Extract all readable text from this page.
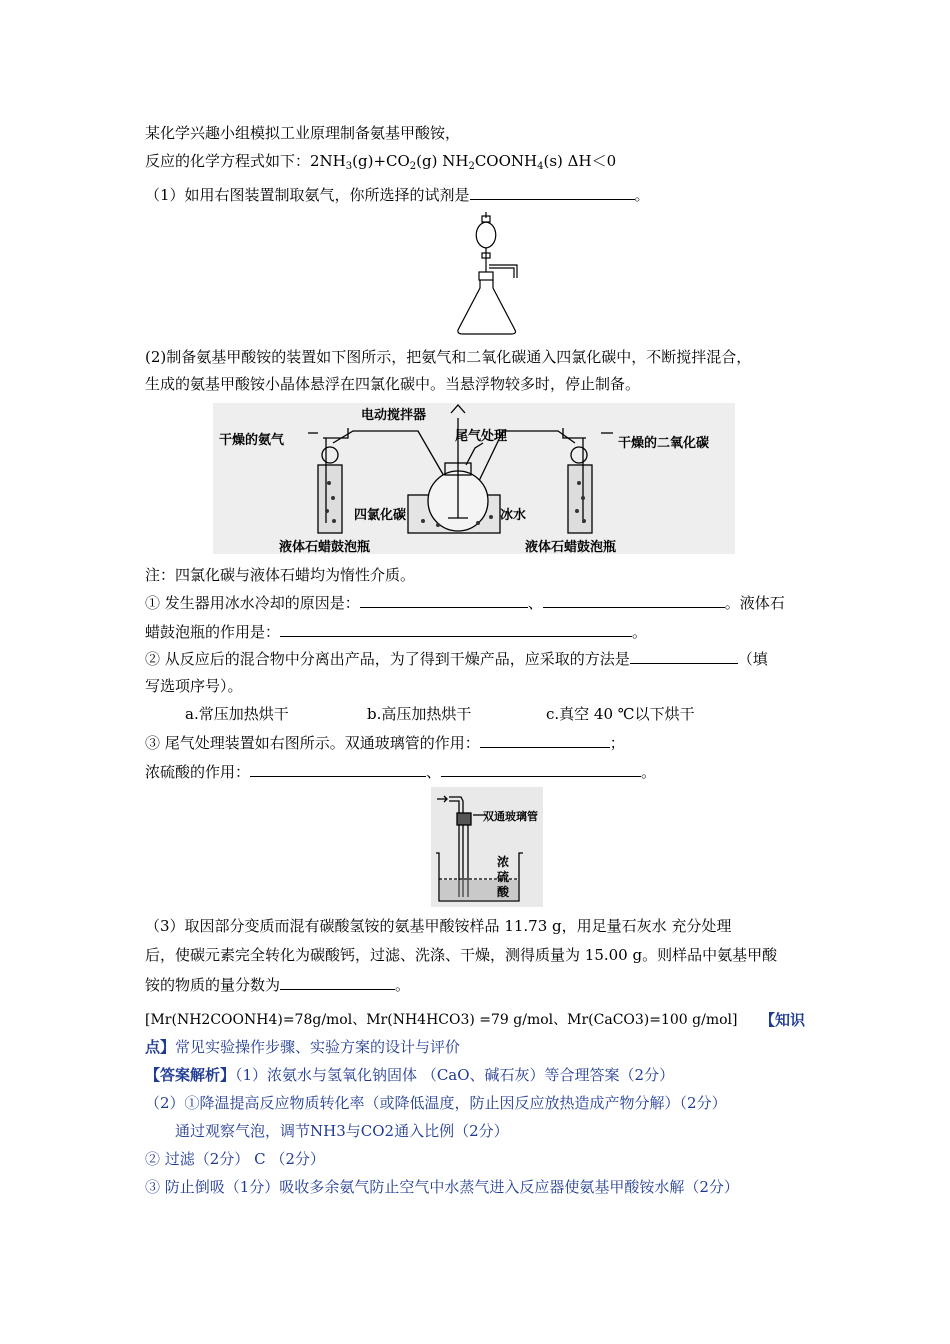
某化学兴趣小组模拟工业原理制备氨基甲酸铵，
反应的化学方程式如下：$2NH_3(g)+CO_2(g)$ $NH_2COONH_4(s)$ ΔH＜0
（1）如用右图装置制取氨气，你所选择的试剂是	。
(2)制备氨基甲酸铵的装置如下图所示，把氨气和二氧化碳通入四氯化碳中，不断搅拌混合，
生成的氨基甲酸铵小晶体悬浮在四氯化碳中。当悬浮物较多时，停止制备。
电动搅拌器
尾气处理
干燥的氨气	干燥的二氧化碳
四氯化碳	冰水
液体石蜡鼓泡瓶	液体石蜡鼓泡瓶
注：四氯化碳与液体石蜡均为惰性介质。
① 发生器用冰水冷却的原因是：	、	。液体石
蜡鼓泡瓶的作用是：	。
② 从反应后的混合物中分离出产品，为了得到干燥产品，应采取的方法是	（填
写选项序号）。
a.常压加热烘干	b.高压加热烘干	c.真空 40 ℃以下烘干
③ 尾气处理装置如右图所示。双通玻璃管的作用：	；
浓硫酸的作用：	、	。
双通玻璃管
浓
硫
酸
（3）取因部分变质而混有碳酸氢铵的氨基甲酸铵样品 11.73 g，用足量石灰水 充分处理
后，使碳元素完全转化为碳酸钙，过滤、洗涤、干燥，测得质量为 15.00 g。则样品中氨基甲酸
铵的物质的量分数为	。
[Mr(NH2COONH4)=78g/mol、Mr(NH4HCO3) =79 g/mol、Mr(CaCO3)=100 g/mol] 【知识
点】常见实验操作步骤、实验方案的设计与评价
【答案解析】（1）浓氨水与氢氧化钠固体 （CaO、碱石灰）等合理答案（2分）
（2）①降温提高反应物质转化率（或降低温度，防止因反应放热造成产物分解）（2分）
通过观察气泡，调节NH3与CO2通入比例（2分）
② 过滤（2分） C （2分）
③ 防止倒吸（1分）吸收多余氨气防止空气中水蒸气进入反应器使氨基甲酸铵水解（2分）
